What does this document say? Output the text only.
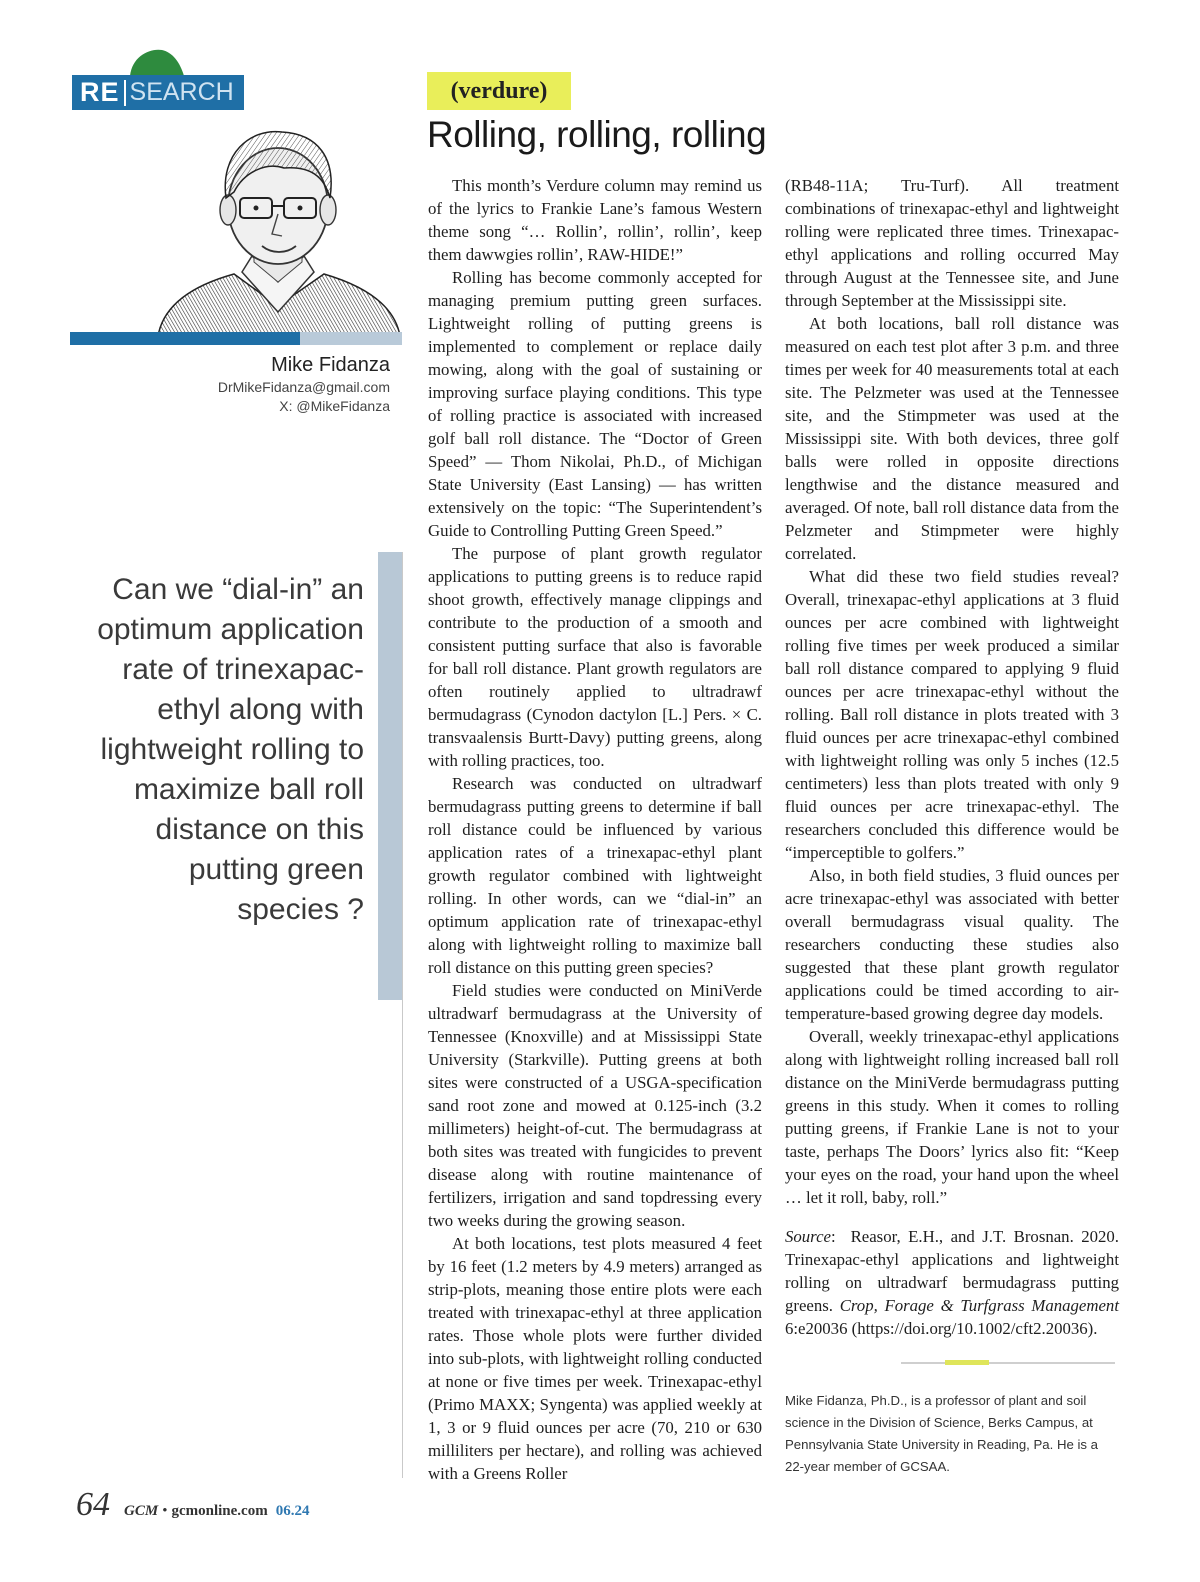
RE SEARCH
Mike Fidanza
DrMikeFidanza@gmail.com
X: @MikeFidanza
Can we “dial-in” an optimum application rate of trinexapac-ethyl along with lightweight rolling to maximize ball roll distance on this putting green species ?
(verdure)
Rolling, rolling, rolling

This month’s Verdure column may remind us of the lyrics to Frankie Lane’s famous Western theme song “… Rollin’, rollin’, rollin’, keep them dawwgies rollin’, RAW-HIDE!”

Rolling has become commonly accepted for managing premium putting green surfaces. Lightweight rolling of putting greens is implemented to complement or replace daily mowing, along with the goal of sustaining or improving surface playing conditions. This type of rolling practice is associated with increased golf ball roll distance. The “Doctor of Green Speed” — Thom Nikolai, Ph.D., of Michigan State University (East Lansing) — has written extensively on the topic: “The Superintendent’s Guide to Controlling Putting Green Speed.”

The purpose of plant growth regulator applications to putting greens is to reduce rapid shoot growth, effectively manage clippings and contribute to the production of a smooth and consistent putting surface that also is favorable for ball roll distance. Plant growth regulators are often routinely applied to ultradrawf bermudagrass (Cynodon dactylon [L.] Pers. × C. transvaalensis Burtt-Davy) putting greens, along with rolling practices, too.

Research was conducted on ultradwarf bermudagrass putting greens to determine if ball roll distance could be influenced by various application rates of a trinexapac-ethyl plant growth regulator combined with lightweight rolling. In other words, can we “dial-in” an optimum application rate of trinexapac-ethyl along with lightweight rolling to maximize ball roll distance on this putting green species?

Field studies were conducted on MiniVerde ultradwarf bermudagrass at the University of Tennessee (Knoxville) and at Mississippi State University (Starkville). Putting greens at both sites were constructed of a USGA-specification sand root zone and mowed at 0.125-inch (3.2 millimeters) height-of-cut. The bermudagrass at both sites was treated with fungicides to prevent disease along with routine maintenance of fertilizers, irrigation and sand topdressing every two weeks during the growing season.

At both locations, test plots measured 4 feet by 16 feet (1.2 meters by 4.9 meters) arranged as strip-plots, meaning those entire plots were each treated with trinexapac-ethyl at three application rates. Those whole plots were further divided into sub-plots, with lightweight rolling conducted at none or five times per week. Trinexapac-ethyl (Primo MAXX; Syngenta) was applied weekly at 1, 3 or 9 fluid ounces per acre (70, 210 or 630 milliliters per hectare), and rolling was achieved with a Greens Roller

(RB48-11A; Tru-Turf). All treatment combinations of trinexapac-ethyl and lightweight rolling were replicated three times. Trinexapac-ethyl applications and rolling occurred May through August at the Tennessee site, and June through September at the Mississippi site.

At both locations, ball roll distance was measured on each test plot after 3 p.m. and three times per week for 40 measurements total at each site. The Pelzmeter was used at the Tennessee site, and the Stimpmeter was used at the Mississippi site. With both devices, three golf balls were rolled in opposite directions lengthwise and the distance measured and averaged. Of note, ball roll distance data from the Pelzmeter and Stimpmeter were highly correlated.

What did these two field studies reveal? Overall, trinexapac-ethyl applications at 3 fluid ounces per acre combined with lightweight rolling five times per week produced a similar ball roll distance compared to applying 9 fluid ounces per acre trinexapac-ethyl without the rolling. Ball roll distance in plots treated with 3 fluid ounces per acre trinexapac-ethyl combined with lightweight rolling was only 5 inches (12.5 centimeters) less than plots treated with only 9 fluid ounces per acre trinexapac-ethyl. The researchers concluded this difference would be “imperceptible to golfers.”

Also, in both field studies, 3 fluid ounces per acre trinexapac-ethyl was associated with better overall bermudagrass visual quality. The researchers conducting these studies also suggested that these plant growth regulator applications could be timed according to air-temperature-based growing degree day models.

Overall, weekly trinexapac-ethyl applications along with lightweight rolling increased ball roll distance on the MiniVerde bermudagrass putting greens in this study. When it comes to rolling putting greens, if Frankie Lane is not to your taste, perhaps The Doors’ lyrics also fit: “Keep your eyes on the road, your hand upon the wheel … let it roll, baby, roll.”

Source:  Reasor, E.H., and J.T. Brosnan. 2020. Trinexapac-ethyl applications and lightweight rolling on ultradwarf bermudagrass putting greens. Crop, Forage & Turfgrass Management 6:e20036 (https://doi.org/10.1002/cft2.20036).

Mike Fidanza, Ph.D., is a professor of plant and soil science in the Division of Science, Berks Campus, at Pennsylvania State University in Reading, Pa. He is a 22-year member of GCSAA.
64 GCM • gcmonline.com 06.24
